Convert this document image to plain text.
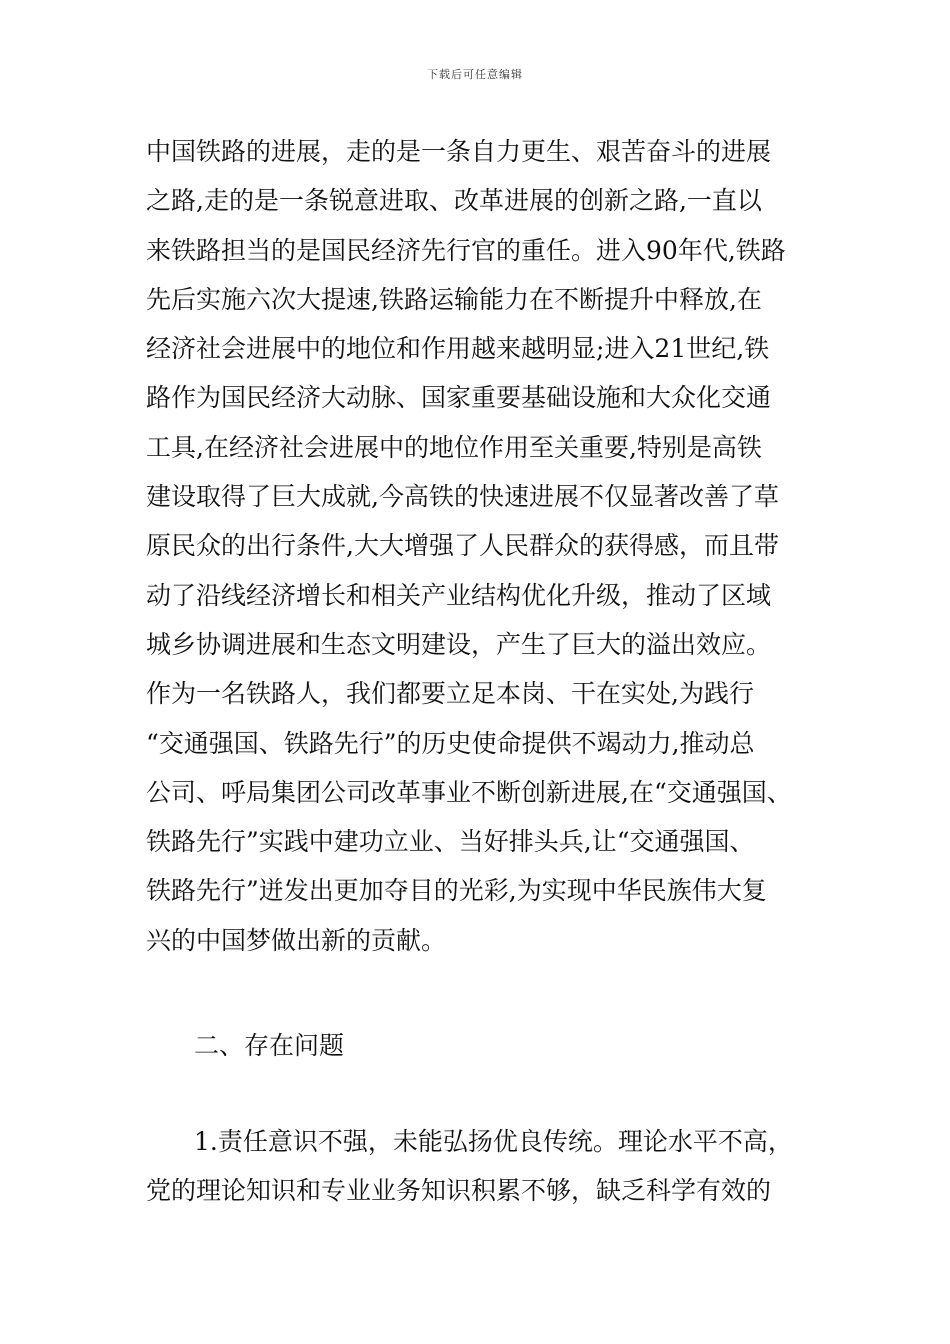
下载后可任意编辑
中国铁路的进展，走的是一条自力更生、艰苦奋斗的进展
之路,走的是一条锐意进取、改革进展的创新之路,一直以
来铁路担当的是国民经济先行官的重任。进入90年代,铁路
先后实施六次大提速,铁路运输能力在不断提升中释放,在
经济社会进展中的地位和作用越来越明显;进入21世纪,铁
路作为国民经济大动脉、国家重要基础设施和大众化交通
工具,在经济社会进展中的地位作用至关重要,特别是高铁
建设取得了巨大成就,今高铁的快速进展不仅显著改善了草
原民众的出行条件,大大增强了人民群众的获得感，而且带
动了沿线经济增长和相关产业结构优化升级，推动了区域
城乡协调进展和生态文明建设，产生了巨大的溢出效应。
作为一名铁路人，我们都要立足本岗、干在实处,为践行
“交通强国、铁路先行”的历史使命提供不竭动力,推动总
公司、呼局集团公司改革事业不断创新进展,在“交通强国、
铁路先行”实践中建功立业、当好排头兵,让“交通强国、
铁路先行”迸发出更加夺目的光彩,为实现中华民族伟大复
兴的中国梦做出新的贡献。
二、存在问题
1.责任意识不强，未能弘扬优良传统。理论水平不高，
党的理论知识和专业业务知识积累不够，缺乏科学有效的
